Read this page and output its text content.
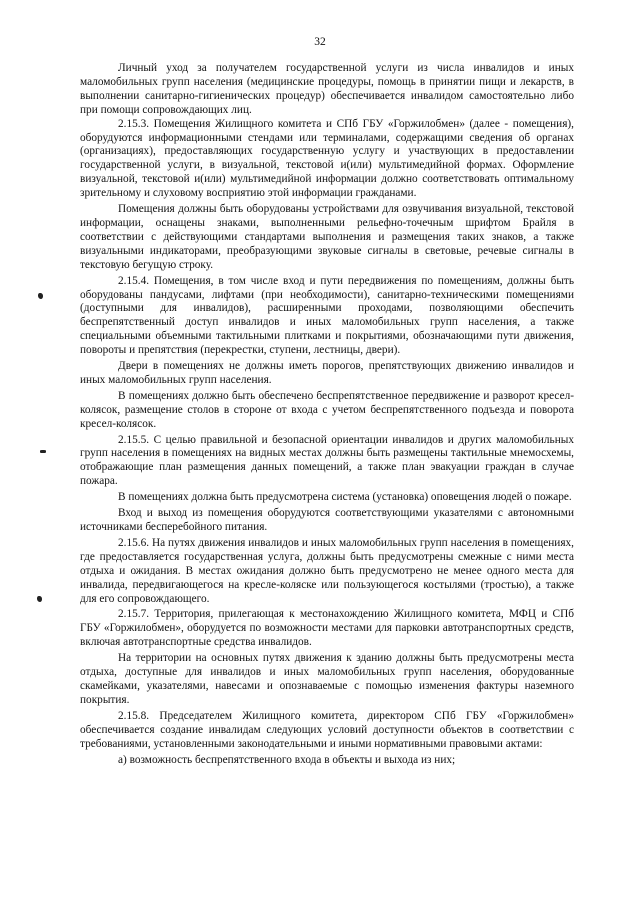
32

Личный уход за получателем государственной услуги из числа инвалидов и иных маломобильных групп населения (медицинские процедуры, помощь в принятии пищи и лекарств, в выполнении санитарно-гигиенических процедур) обеспечивается инвалидом самостоятельно либо при помощи сопровождающих лиц.

2.15.3. Помещения Жилищного комитета и СПб ГБУ «Горжилобмен» (далее - помещения), оборудуются информационными стендами или терминалами, содержащими сведения об органах (организациях), предоставляющих государственную услугу и участвующих в предоставлении государственной услуги, в визуальной, текстовой и(или) мультимедийной формах. Оформление визуальной, текстовой и(или) мультимедийной информации должно соответствовать оптимальному зрительному и слуховому восприятию этой информации гражданами.

Помещения должны быть оборудованы устройствами для озвучивания визуальной, текстовой информации, оснащены знаками, выполненными рельефно-точечным шрифтом Брайля в соответствии с действующими стандартами выполнения и размещения таких знаков, а также визуальными индикаторами, преобразующими звуковые сигналы в световые, речевые сигналы в текстовую бегущую строку.

2.15.4. Помещения, в том числе вход и пути передвижения по помещениям, должны быть оборудованы пандусами, лифтами (при необходимости), санитарно-техническими помещениями (доступными для инвалидов), расширенными проходами, позволяющими обеспечить беспрепятственный доступ инвалидов и иных маломобильных групп населения, а также специальными объемными тактильными плитками и покрытиями, обозначающими пути движения, повороты и препятствия (перекрестки, ступени, лестницы, двери).

Двери в помещениях не должны иметь порогов, препятствующих движению инвалидов и иных маломобильных групп населения.

В помещениях должно быть обеспечено беспрепятственное передвижение и разворот кресел-колясок, размещение столов в стороне от входа с учетом беспрепятственного подъезда и поворота кресел-колясок.

2.15.5. С целью правильной и безопасной ориентации инвалидов и других маломобильных групп населения в помещениях на видных местах должны быть размещены тактильные мнемосхемы, отображающие план размещения данных помещений, а также план эвакуации граждан в случае пожара.

В помещениях должна быть предусмотрена система (установка) оповещения людей о пожаре.

Вход и выход из помещения оборудуются соответствующими указателями с автономными источниками бесперебойного питания.

2.15.6. На путях движения инвалидов и иных маломобильных групп населения в помещениях, где предоставляется государственная услуга, должны быть предусмотрены смежные с ними места отдыха и ожидания. В местах ожидания должно быть предусмотрено не менее одного места для инвалида, передвигающегося на кресле-коляске или пользующегося костылями (тростью), а также для его сопровождающего.

2.15.7. Территория, прилегающая к местонахождению Жилищного комитета, МФЦ и СПб ГБУ «Горжилобмен», оборудуется по возможности местами для парковки автотранспортных средств, включая автотранспортные средства инвалидов.

На территории на основных путях движения к зданию должны быть предусмотрены места отдыха, доступные для инвалидов и иных маломобильных групп населения, оборудованные скамейками, указателями, навесами и опознаваемые с помощью изменения фактуры наземного покрытия.

2.15.8. Председателем Жилищного комитета, директором СПб ГБУ «Горжилобмен» обеспечивается создание инвалидам следующих условий доступности объектов в соответствии с требованиями, установленными законодательными и иными нормативными правовыми актами:

а) возможность беспрепятственного входа в объекты и выхода из них;
